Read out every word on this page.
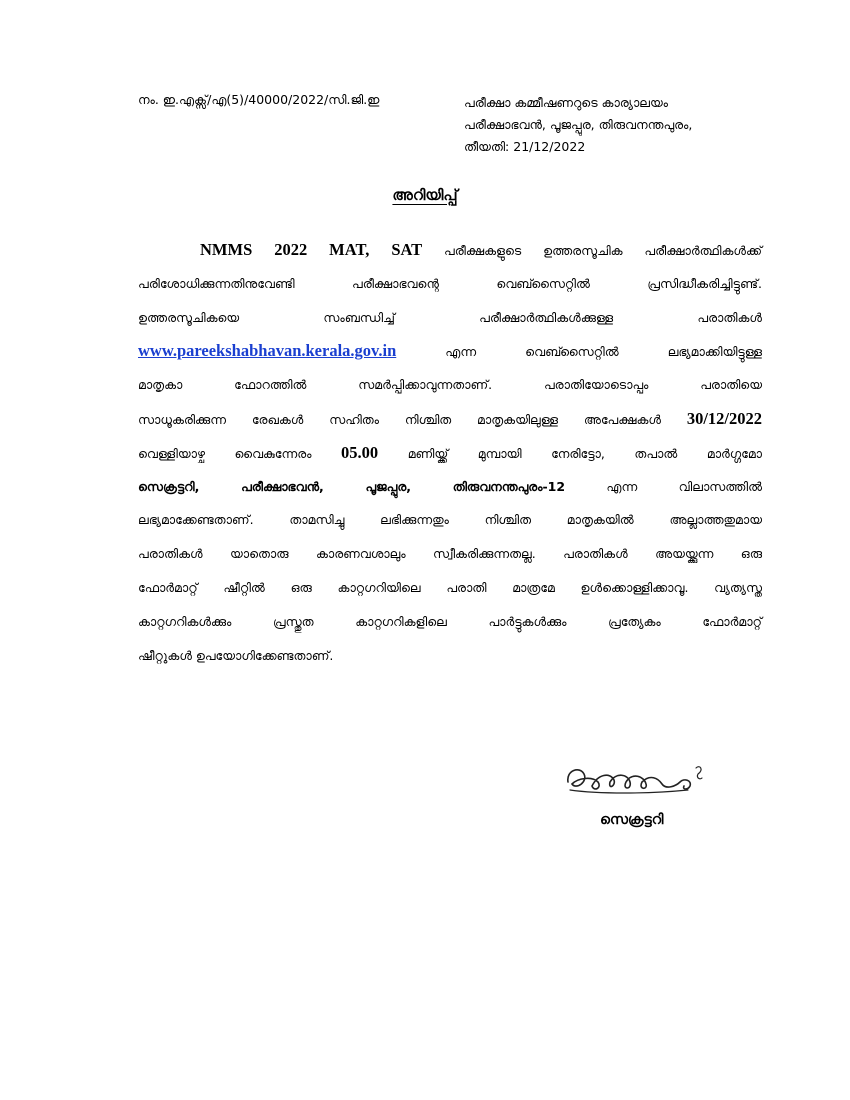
നം. ഇ.എക്സ്/എ(5)/40000/2022/സി.ജി.ഇ	പരീക്ഷാ കമ്മീഷണറുടെ കാര്യാലയം
പരീക്ഷാഭവന്‍, പൂജപ്പുര, തിരുവനന്തപുരം,
തീയതി: 21/12/2022
അറിയിപ്പ്
NMMS 2022 MAT, SAT പരീക്ഷകളുടെ ഉത്തരസൂചിക പരീക്ഷാര്‍ത്ഥികള്‍ക്ക്
പരിശോധിക്കുന്നതിനുവേണ്ടി പരീക്ഷാഭവന്റെ വെബ്സൈറ്റില്‍ പ്രസിദ്ധീകരിച്ചിട്ടുണ്ട്.
ഉത്തരസൂചികയെ സംബന്ധിച്ച് പരീക്ഷാര്‍ത്ഥികള്‍ക്കുള്ള പരാതികള്‍
www.pareekshabhavan.kerala.gov.in എന്ന വെബ്സൈറ്റില്‍ ലഭ്യമാക്കിയിട്ടുള്ള
മാതൃകാ ഫോറത്തില്‍ സമര്‍പ്പിക്കാവുന്നതാണ്. പരാതിയോടൊപ്പം പരാതിയെ
സാധൂകരിക്കുന്ന രേഖകള്‍ സഹിതം നിശ്ചിത മാതൃകയിലുള്ള അപേക്ഷകള്‍ 30/12/2022
വെള്ളിയാഴ്ച വൈകുന്നേരം 05.00 മണിയ്ക്ക് മുമ്പായി നേരിട്ടോ, തപാല്‍ മാര്‍ഗ്ഗമോ
സെക്രട്ടറി, പരീക്ഷാഭവന്‍, പൂജപ്പുര, തിരുവനന്തപുരം-12 എന്ന വിലാസത്തില്‍
ലഭ്യമാക്കേണ്ടതാണ്. താമസിച്ചു ലഭിക്കുന്നതും നിശ്ചിത മാതൃകയില്‍ അല്ലാത്തതുമായ
പരാതികള്‍ യാതൊരു കാരണവശാലും സ്വീകരിക്കുന്നതല്ല. പരാതികള്‍ അയയ്ക്കുന്ന ഒരു
ഫോര്‍മാറ്റ് ഷീറ്റില്‍ ഒരു കാറ്റഗറിയിലെ പരാതി മാത്രമേ ഉള്‍ക്കൊള്ളിക്കാവൂ. വ്യത്യസ്ത
കാറ്റഗറികള്‍ക്കും പ്രസ്തുത കാറ്റഗറികളിലെ പാര്‍ട്ടുകള്‍ക്കും പ്രത്യേകം ഫോര്‍മാറ്റ്
ഷീറ്റുകള്‍ ഉപയോഗിക്കേണ്ടതാണ്.
സെക്രട്ടറി
